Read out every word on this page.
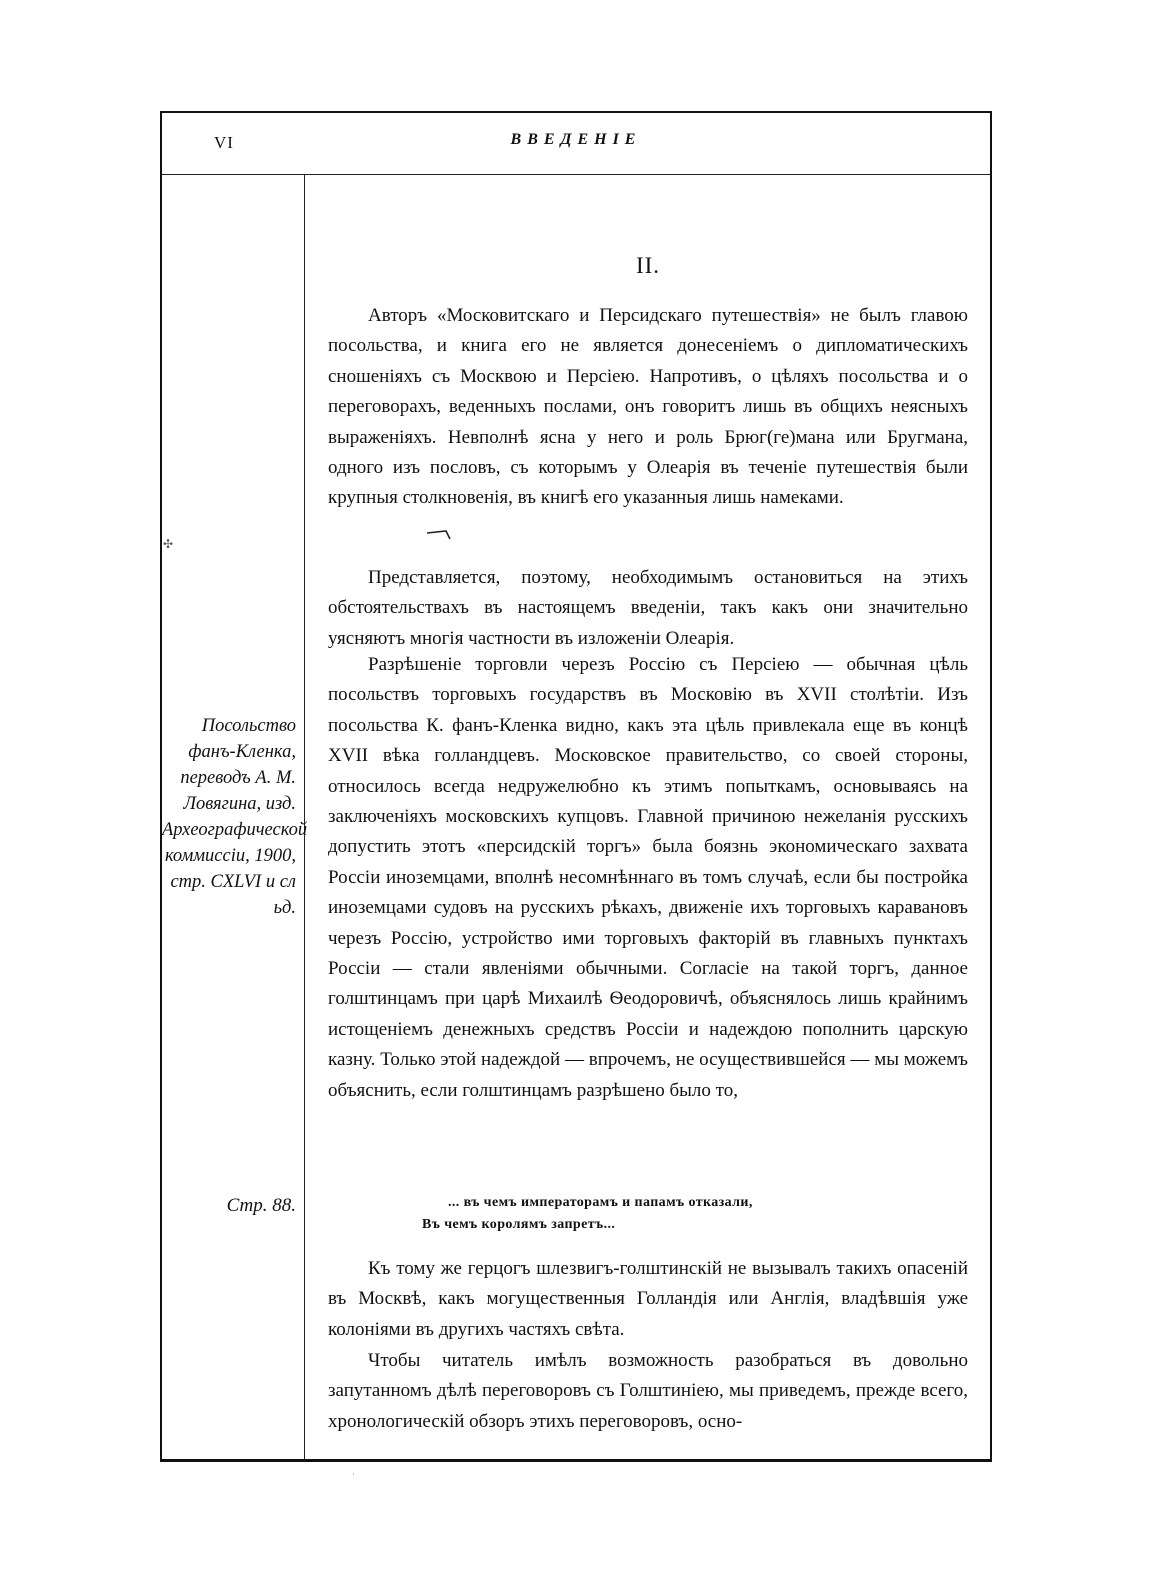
VI	ВВЕДЕНІЕ
✣
Посольство фанъ-Кленка, переводъ А. М. Ловягина, изд. Археографической коммиссіи, 1900, стр. CXLVI и сл ьд.
Стр. 88.
II.

Авторъ «Московитскаго и Персидскаго путешествія» не былъ главою посольства, и книга его не является донесеніемъ о дипломатическихъ сношеніяхъ съ Москвою и Персіею. Напротивъ, о цѣляхъ посольства и о переговорахъ, веденныхъ послами, онъ говоритъ лишь въ общихъ неясныхъ выраженіяхъ. Невполнѣ ясна у него и роль Брюг(ге)мана или Бругмана, одного изъ пословъ, съ которымъ у Олеарія въ теченіе путешествія были крупныя столкновенія, въ книгѣ его указанныя лишь намеками.

Представляется, поэтому, необходимымъ остановиться на этихъ обстоятельствахъ въ настоящемъ введеніи, такъ какъ они значительно уясняютъ многія частности въ изложеніи Олеарія.

Разрѣшеніе торговли черезъ Россію съ Персіею — обычная цѣль посольствъ торговыхъ государствъ въ Московію въ XVII столѣтіи. Изъ посольства К. фанъ-Кленка видно, какъ эта цѣль привлекала еще въ концѣ XVII вѣка голландцевъ. Московское правительство, со своей стороны, относилось всегда недружелюбно къ этимъ попыткамъ, основываясь на заключеніяхъ московскихъ купцовъ. Главной причиною нежеланія русскихъ допустить этотъ «персидскій торгъ» была боязнь экономическаго захвата Россіи иноземцами, вполнѣ несомнѣннаго въ томъ случаѣ, если бы постройка иноземцами судовъ на русскихъ рѣкахъ, движеніе ихъ торговыхъ каравановъ черезъ Россію, устройство ими торговыхъ факторій въ главныхъ пунктахъ Россіи — стали явленіями обычными. Согласіе на такой торгъ, данное голштинцамъ при царѣ Михаилѣ Ѳеодоровичѣ, объяснялось лишь крайнимъ истощеніемъ денежныхъ средствъ Россіи и надеждою пополнить царскую казну. Только этой надеждой — впрочемъ, не осуществившейся — мы можемъ объяснить, если голштинцамъ разрѣшено было то,

... въ чемъ императорамъ и папамъ отказали,
Въ чемъ королямъ запретъ...

Къ тому же герцогъ шлезвигъ-голштинскій не вызывалъ такихъ опасеній въ Москвѣ, какъ могущественныя Голландія или Англія, владѣвшія уже колоніями въ другихъ частяхъ свѣта.

Чтобы читатель имѣлъ возможность разобраться въ довольно запутанномъ дѣлѣ переговоровъ съ Голштиніею, мы приведемъ, прежде всего, хронологическій обзоръ этихъ переговоровъ, осно-

·
